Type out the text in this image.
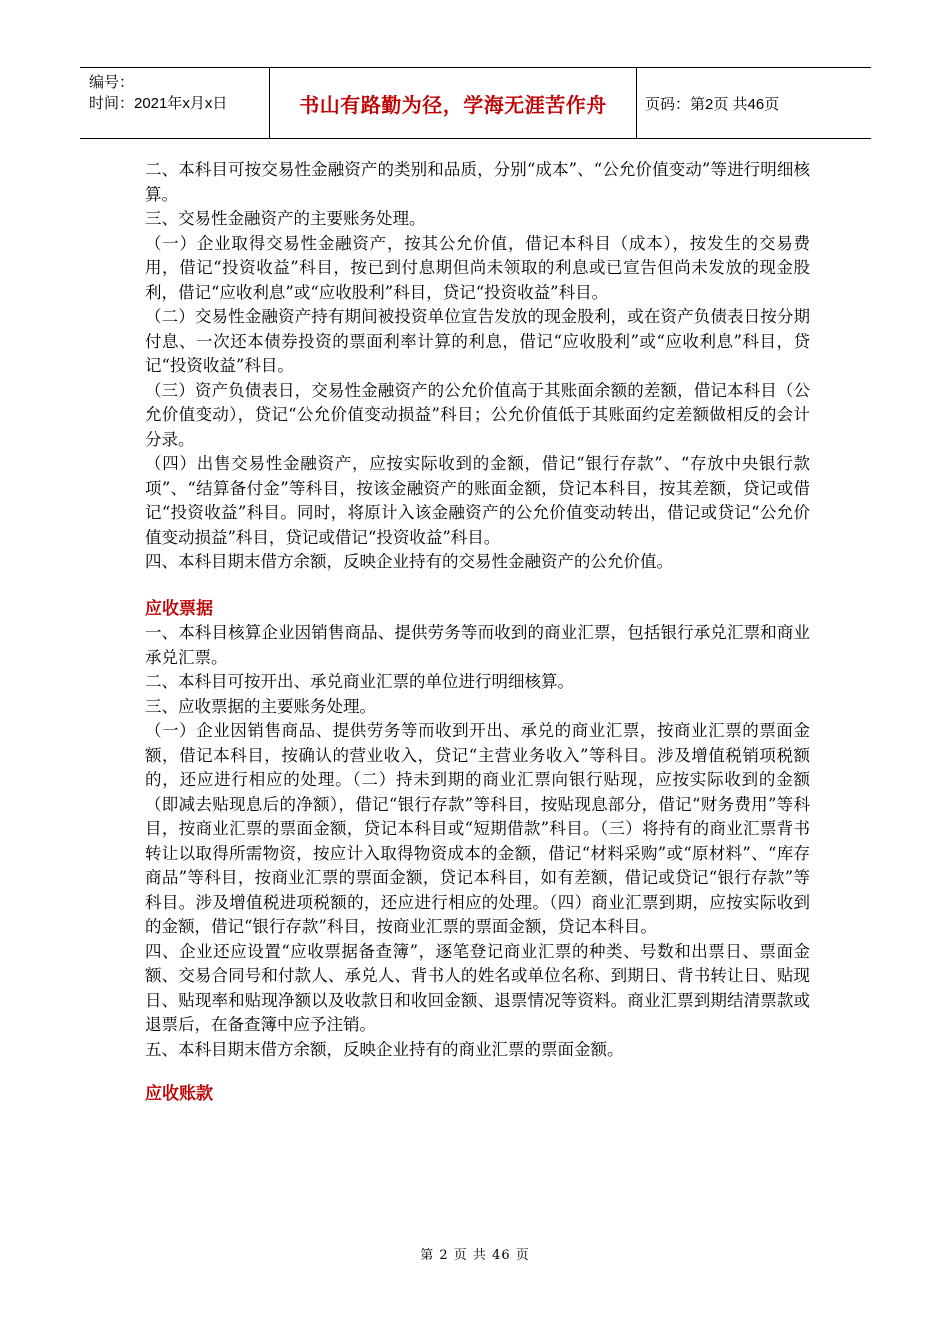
编号：
时间：2021年x月x日	书山有路勤为径，学海无涯苦作舟	页码：第2页 共46页

二、本科目可按交易性金融资产的类别和品质，分别“成本”、“公允价值变动”等进行明细核算。

三、交易性金融资产的主要账务处理。

（一）企业取得交易性金融资产，按其公允价值，借记本科目（成本），按发生的交易费用，借记“投资收益”科目，按已到付息期但尚未领取的利息或已宣告但尚未发放的现金股利，借记“应收利息”或“应收股利”科目，贷记“投资收益”科目。

（二）交易性金融资产持有期间被投资单位宣告发放的现金股利，或在资产负债表日按分期付息、一次还本债券投资的票面利率计算的利息，借记“应收股利”或“应收利息”科目，贷记“投资收益”科目。

（三）资产负债表日，交易性金融资产的公允价值高于其账面余额的差额，借记本科目（公允价值变动），贷记“公允价值变动损益”科目；公允价值低于其账面约定差额做相反的会计分录。

（四）出售交易性金融资产，应按实际收到的金额，借记“银行存款”、“存放中央银行款项”、“结算备付金”等科目，按该金融资产的账面金额，贷记本科目，按其差额，贷记或借记“投资收益”科目。同时，将原计入该金融资产的公允价值变动转出，借记或贷记“公允价值变动损益”科目，贷记或借记“投资收益”科目。

四、本科目期末借方余额，反映企业持有的交易性金融资产的公允价值。

应收票据

一、本科目核算企业因销售商品、提供劳务等而收到的商业汇票，包括银行承兑汇票和商业承兑汇票。

二、本科目可按开出、承兑商业汇票的单位进行明细核算。

三、应收票据的主要账务处理。

（一）企业因销售商品、提供劳务等而收到开出、承兑的商业汇票，按商业汇票的票面金额，借记本科目，按确认的营业收入，贷记“主营业务收入”等科目。涉及增值税销项税额的，还应进行相应的处理。（二）持未到期的商业汇票向银行贴现，应按实际收到的金额（即减去贴现息后的净额），借记“银行存款”等科目，按贴现息部分，借记“财务费用”等科目，按商业汇票的票面金额，贷记本科目或“短期借款”科目。（三）将持有的商业汇票背书转让以取得所需物资，按应计入取得物资成本的金额，借记“材料采购”或“原材料”、“库存商品”等科目，按商业汇票的票面金额，贷记本科目，如有差额，借记或贷记“银行存款”等科目。涉及增值税进项税额的，还应进行相应的处理。（四）商业汇票到期，应按实际收到的金额，借记“银行存款”科目，按商业汇票的票面金额，贷记本科目。

四、企业还应设置“应收票据备查簿”，逐笔登记商业汇票的种类、号数和出票日、票面金额、交易合同号和付款人、承兑人、背书人的姓名或单位名称、到期日、背书转让日、贴现日、贴现率和贴现净额以及收款日和收回金额、退票情况等资料。商业汇票到期结清票款或退票后，在备查簿中应予注销。

五、本科目期末借方余额，反映企业持有的商业汇票的票面金额。

应收账款

第 2 页 共 46 页
